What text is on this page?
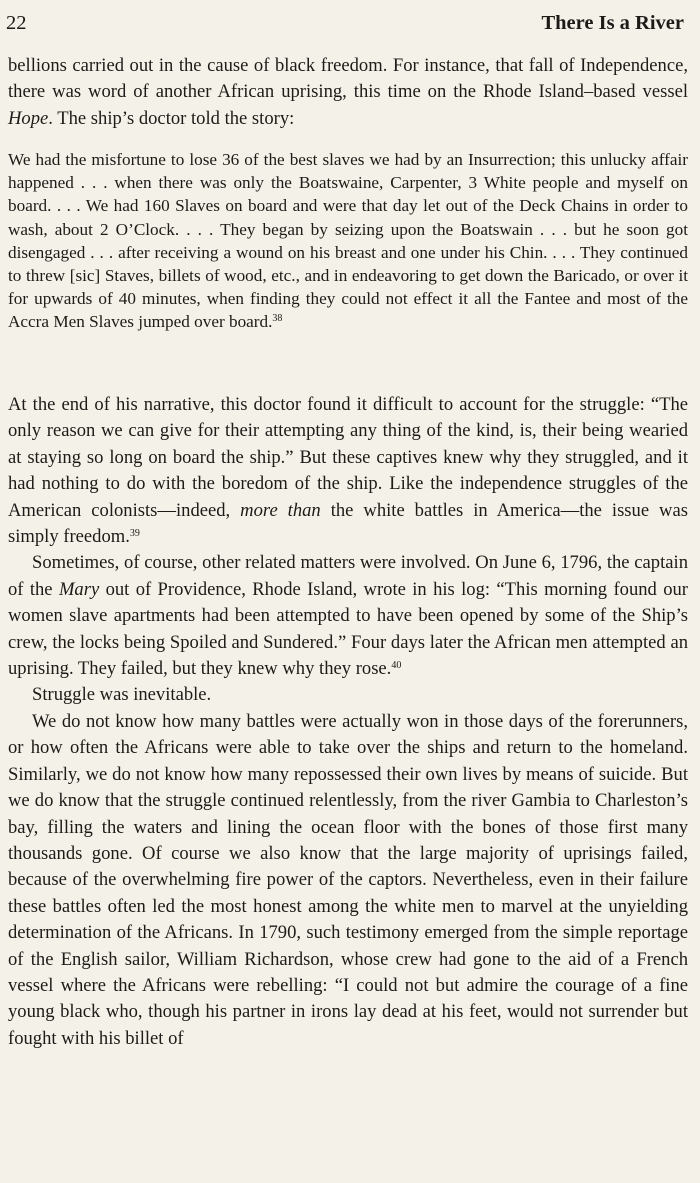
22	There Is a River

bellions carried out in the cause of black freedom. For instance, that fall of Independence, there was word of another African uprising, this time on the Rhode Island–based vessel Hope. The ship’s doctor told the story:

We had the misfortune to lose 36 of the best slaves we had by an Insurrection; this unlucky affair happened . . . when there was only the Boatswaine, Carpenter, 3 White people and myself on board. . . . We had 160 Slaves on board and were that day let out of the Deck Chains in order to wash, about 2 O’Clock. . . . They began by seizing upon the Boatswain . . . but he soon got disengaged . . . after receiving a wound on his breast and one under his Chin. . . . They continued to threw [sic] Staves, billets of wood, etc., and in endeavoring to get down the Baricado, or over it for upwards of 40 minutes, when finding they could not effect it all the Fantee and most of the Accra Men Slaves jumped over board.$^{38}$

At the end of his narrative, this doctor found it difficult to account for the struggle: “The only reason we can give for their attempting any thing of the kind, is, their being wearied at staying so long on board the ship.” But these captives knew why they struggled, and it had nothing to do with the boredom of the ship. Like the independence struggles of the American colonists—indeed, more than the white battles in America—the issue was simply freedom.$^{39}$

Sometimes, of course, other related matters were involved. On June 6, 1796, the captain of the Mary out of Providence, Rhode Island, wrote in his log: “This morning found our women slave apartments had been attempted to have been opened by some of the Ship’s crew, the locks being Spoiled and Sundered.” Four days later the African men attempted an uprising. They failed, but they knew why they rose.$^{40}$

Struggle was inevitable.

We do not know how many battles were actually won in those days of the forerunners, or how often the Africans were able to take over the ships and return to the homeland. Similarly, we do not know how many repossessed their own lives by means of suicide. But we do know that the struggle continued relentlessly, from the river Gambia to Charleston’s bay, filling the waters and lining the ocean floor with the bones of those first many thousands gone. Of course we also know that the large majority of uprisings failed, because of the overwhelming fire power of the captors. Nevertheless, even in their failure these battles often led the most honest among the white men to marvel at the unyielding determination of the Africans. In 1790, such testimony emerged from the simple reportage of the English sailor, William Richardson, whose crew had gone to the aid of a French vessel where the Africans were rebelling: “I could not but admire the courage of a fine young black who, though his partner in irons lay dead at his feet, would not surrender but fought with his billet of
